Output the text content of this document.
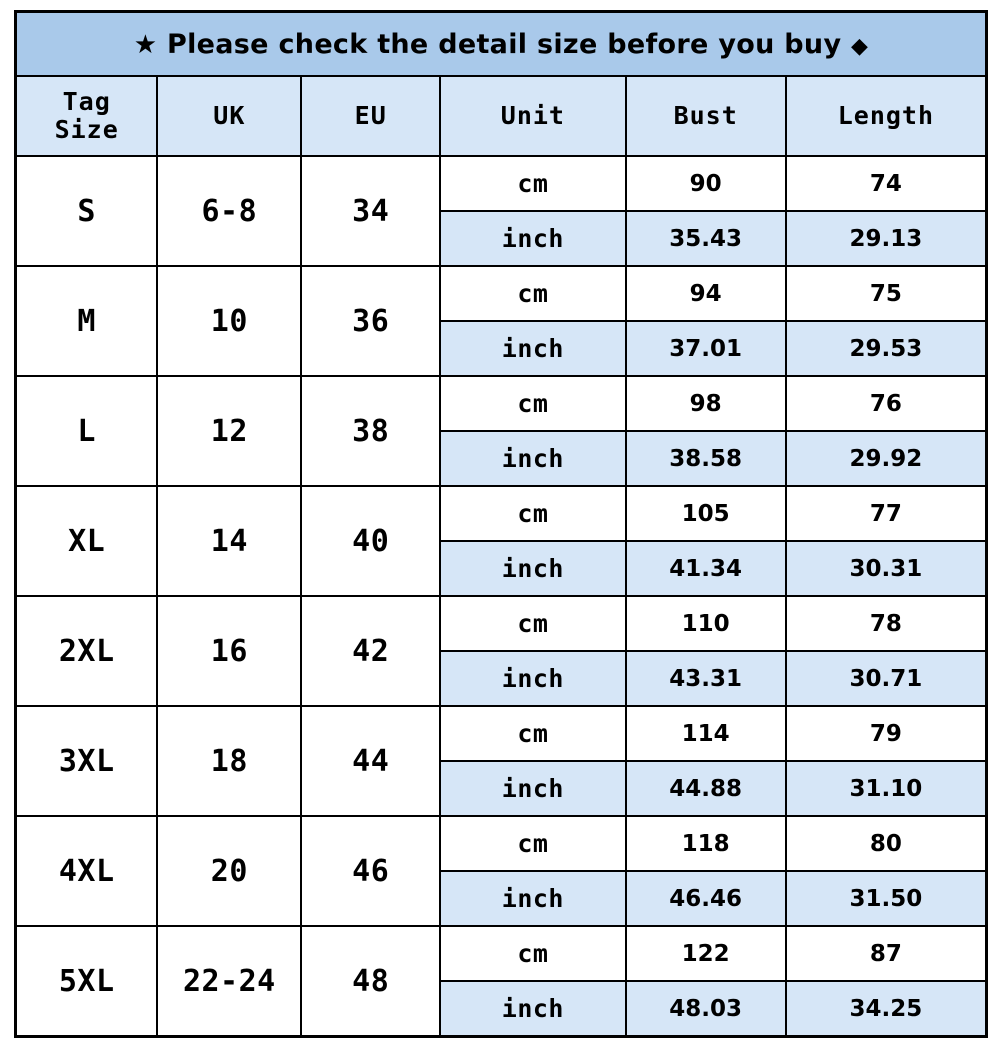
★ Please check the detail size before you buy ◆					

Tag
Size	UK	EU	Unit	Bust	Length
S	6-8	34	cm	90	74
			inch	35.43	29.13
M	10	36	cm	94	75
			inch	37.01	29.53
L	12	38	cm	98	76
			inch	38.58	29.92
XL	14	40	cm	105	77
			inch	41.34	30.31
2XL	16	42	cm	110	78
			inch	43.31	30.71
3XL	18	44	cm	114	79
			inch	44.88	31.10
4XL	20	46	cm	118	80
			inch	46.46	31.50
5XL	22-24	48	cm	122	87
			inch	48.03	34.25
